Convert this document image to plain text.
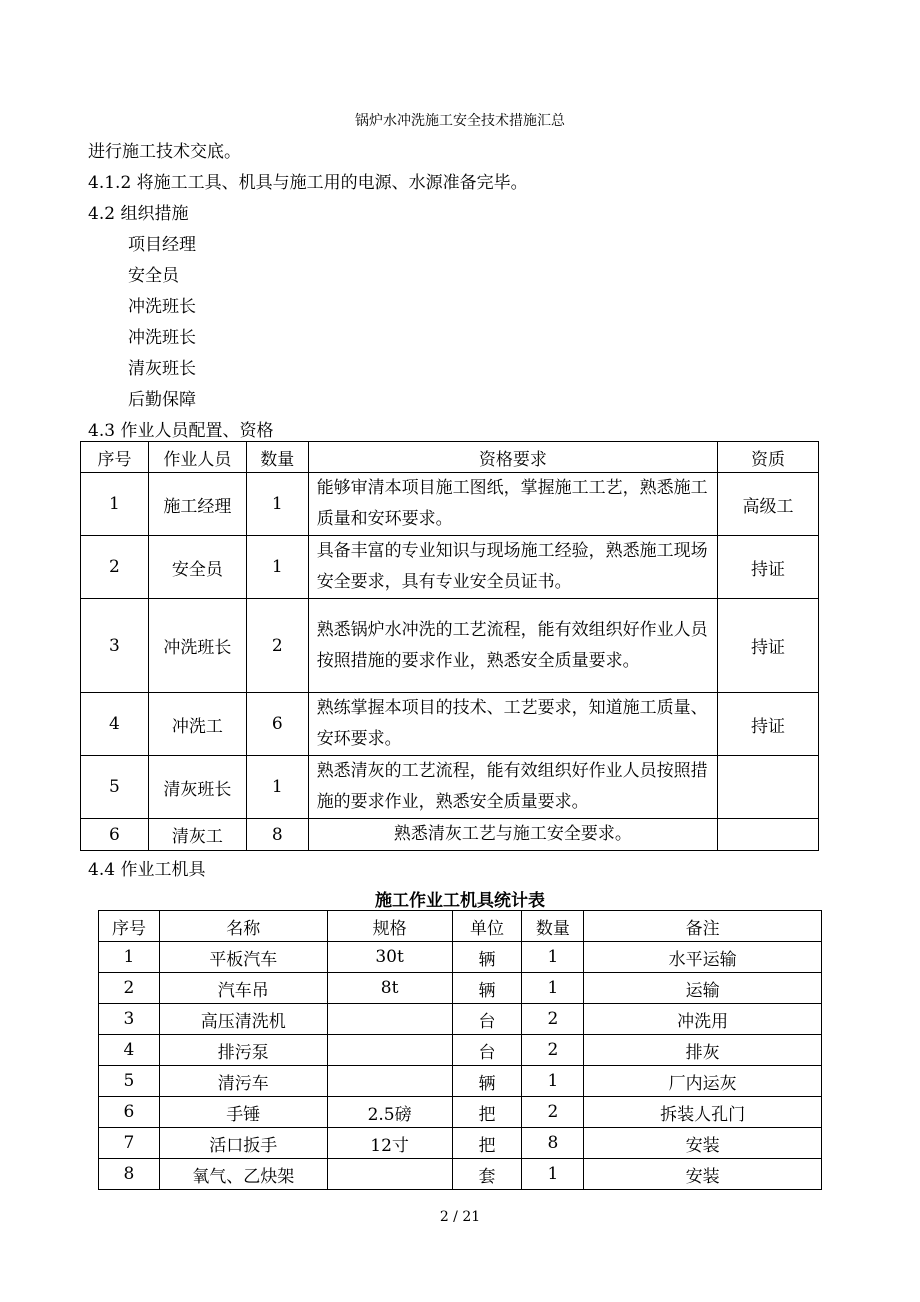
锅炉水冲洗施工安全技术措施汇总
进行施工技术交底。
4.1.2 将施工工具、机具与施工用的电源、水源准备完毕。
4.2 组织措施
项目经理
安全员
冲洗班长
冲洗班长
清灰班长
后勤保障
4.3 作业人员配置、资格
序号	作业人员	数量	资格要求	资质
1	施工经理	1	能够审清本项目施工图纸，掌握施工工艺，熟悉施工质量和安环要求。	高级工
2	安全员	1	具备丰富的专业知识与现场施工经验，熟悉施工现场安全要求，具有专业安全员证书。	持证
3	冲洗班长	2	熟悉锅炉水冲洗的工艺流程，能有效组织好作业人员按照措施的要求作业，熟悉安全质量要求。	持证
4	冲洗工	6	熟练掌握本项目的技术、工艺要求，知道施工质量、安环要求。	持证
5	清灰班长	1	熟悉清灰的工艺流程，能有效组织好作业人员按照措施的要求作业，熟悉安全质量要求。	
6	清灰工	8	熟悉清灰工艺与施工安全要求。	
4.4 作业工机具
施工作业工机具统计表
序号	名称	规格	单位	数量	备注
1	平板汽车	30t	辆	1	水平运输
2	汽车吊	8t	辆	1	运输
3	高压清洗机		台	2	冲洗用
4	排污泵		台	2	排灰
5	清污车		辆	1	厂内运灰
6	手锤	2.5磅	把	2	拆装人孔门
7	活口扳手	12寸	把	8	安装
8	氧气、乙炔架		套	1	安装
2 / 21
